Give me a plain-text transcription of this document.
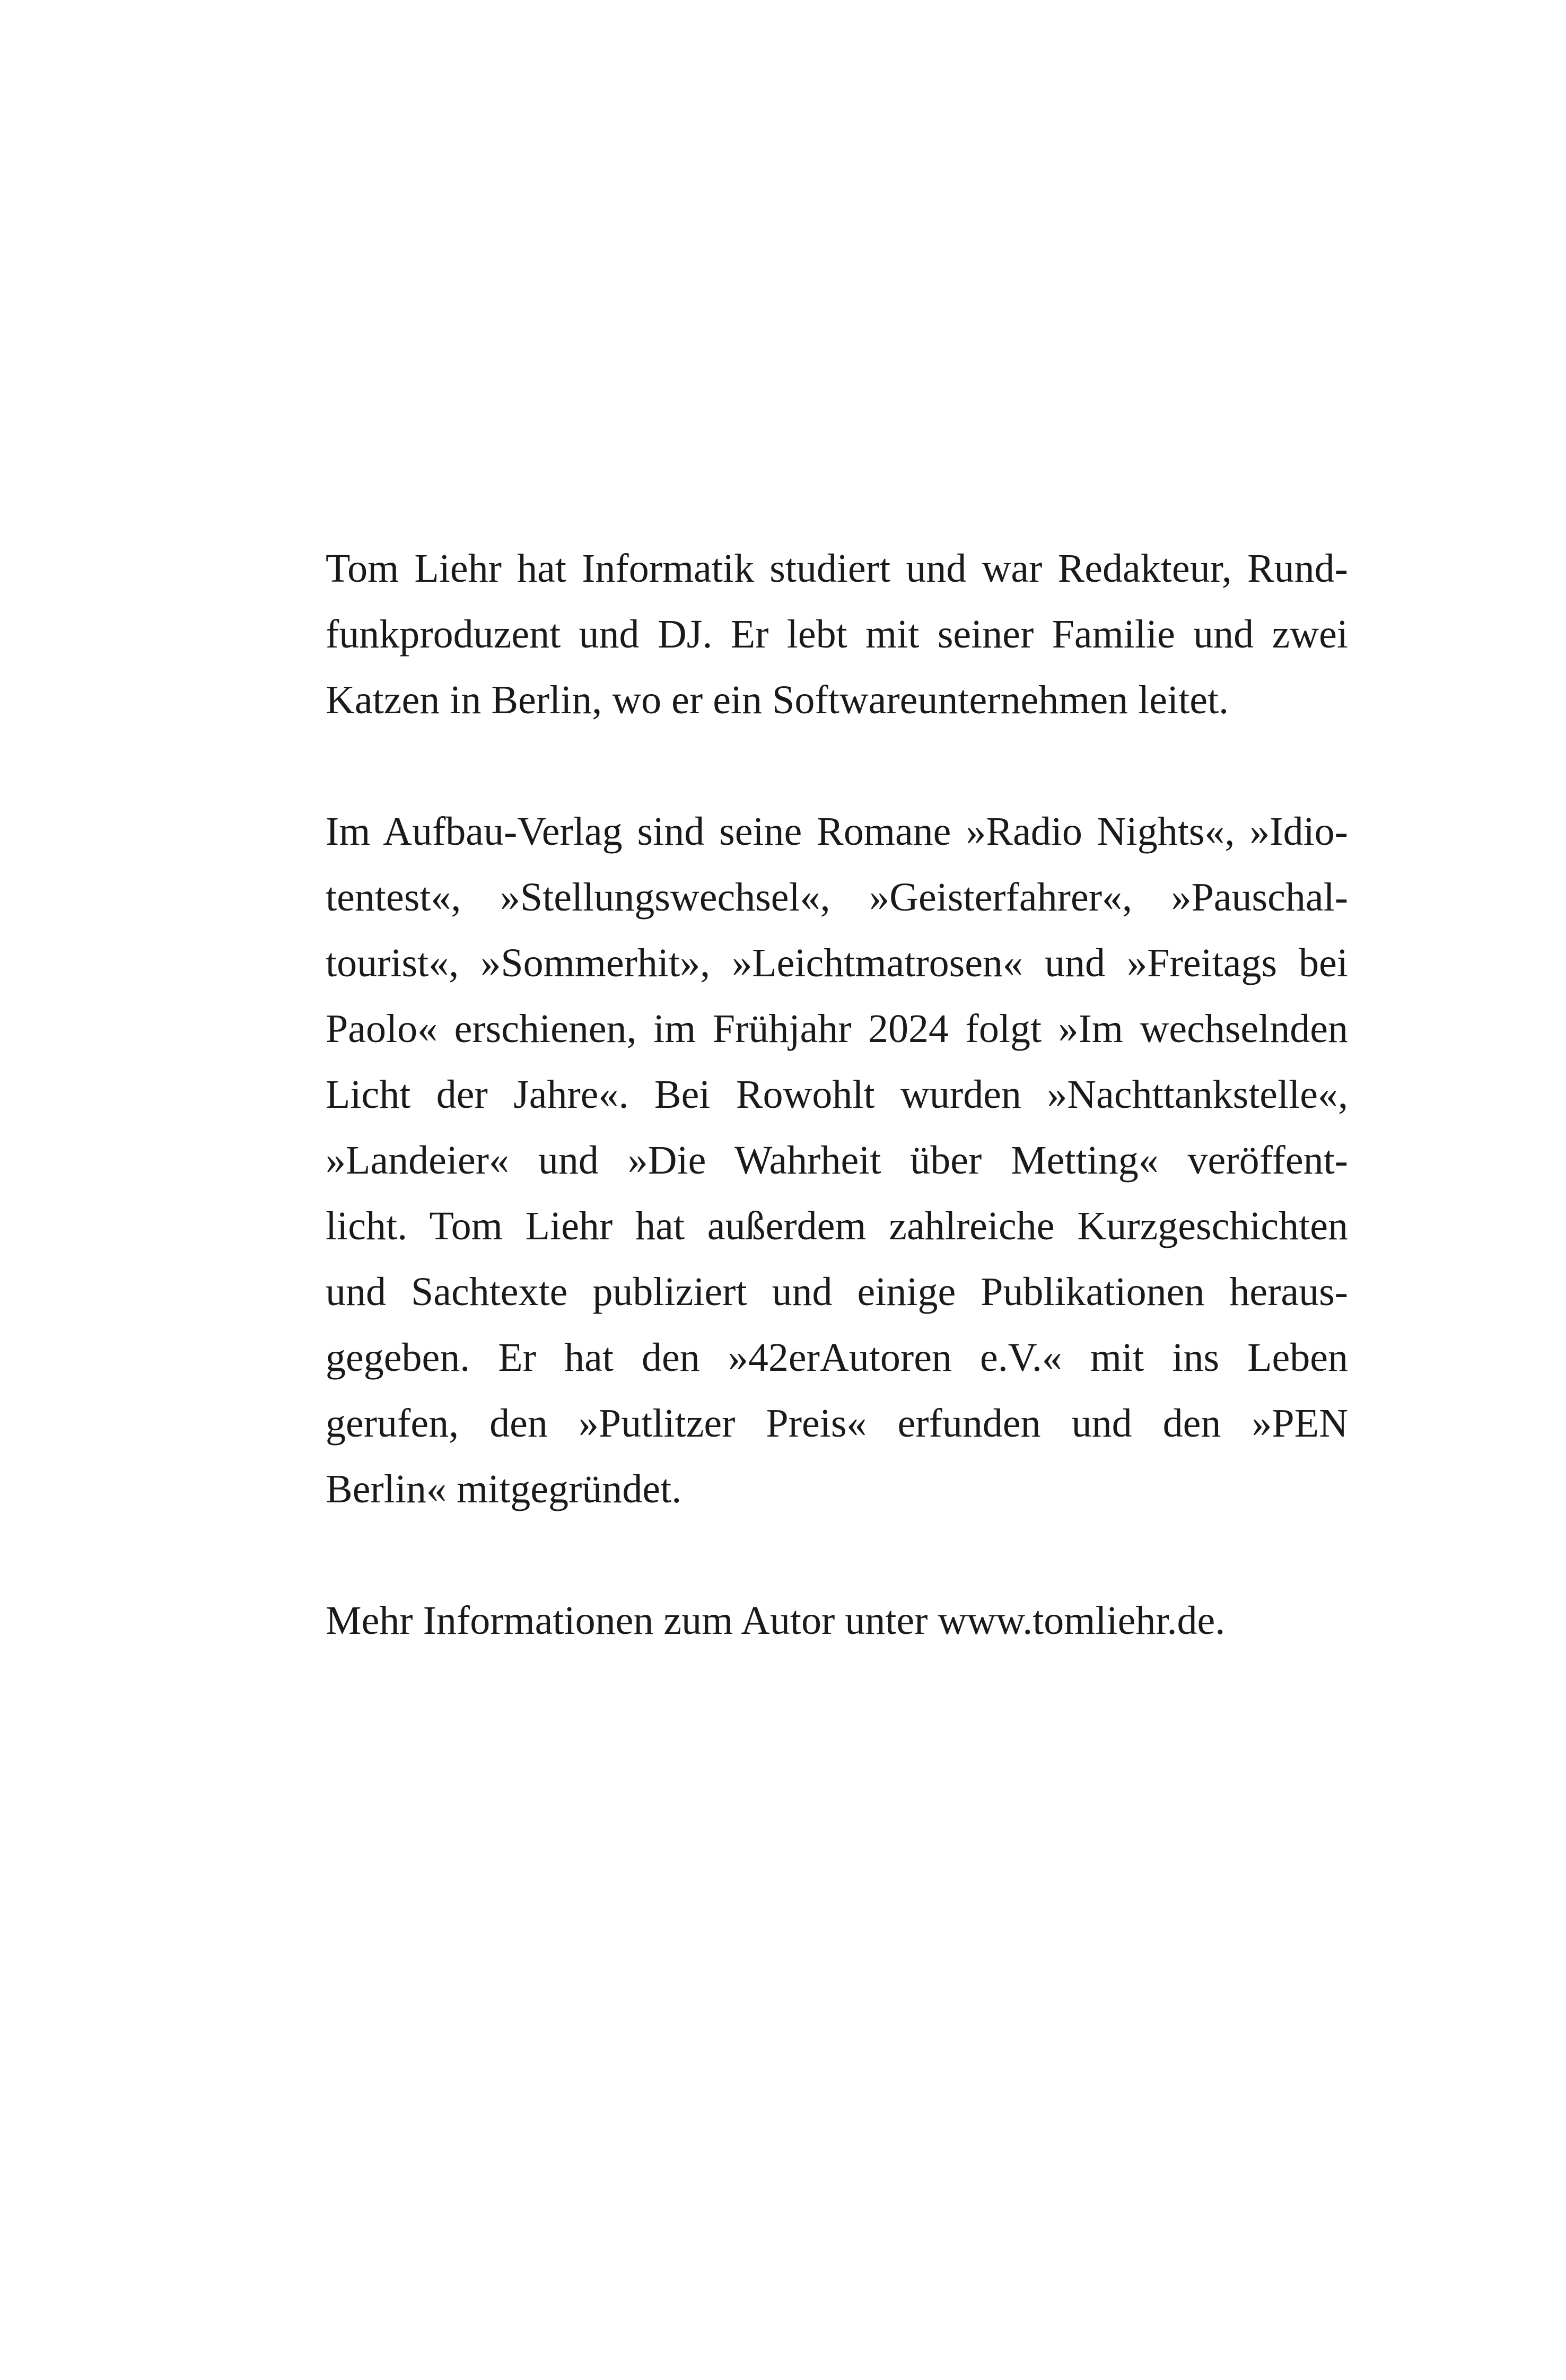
Tom Liehr hat Informatik studiert und war Redakteur, Rund-
funkproduzent und DJ. Er lebt mit seiner Familie und zwei
Katzen in Berlin, wo er ein Softwareunternehmen leitet.

Im Aufbau-Verlag sind seine Romane »Radio Nights«, »Idio-
tentest«, »Stellungswechsel«, »Geisterfahrer«, »Pauschal-
tourist«, »Sommerhit», »Leichtmatrosen« und »Freitags bei
Paolo« erschienen, im Frühjahr 2024 folgt »Im wechselnden
Licht der Jahre«. Bei Rowohlt wurden »Nachttankstelle«,
»Landeier« und »Die Wahrheit über Metting« veröffent-
licht. Tom Liehr hat außerdem zahlreiche Kurzgeschichten
und Sachtexte publiziert und einige Publikationen heraus-
gegeben. Er hat den »42erAutoren e.V.« mit ins Leben
gerufen, den »Putlitzer Preis« erfunden und den »PEN
Berlin« mitgegründet.

Mehr Informationen zum Autor unter www.tomliehr.de.
